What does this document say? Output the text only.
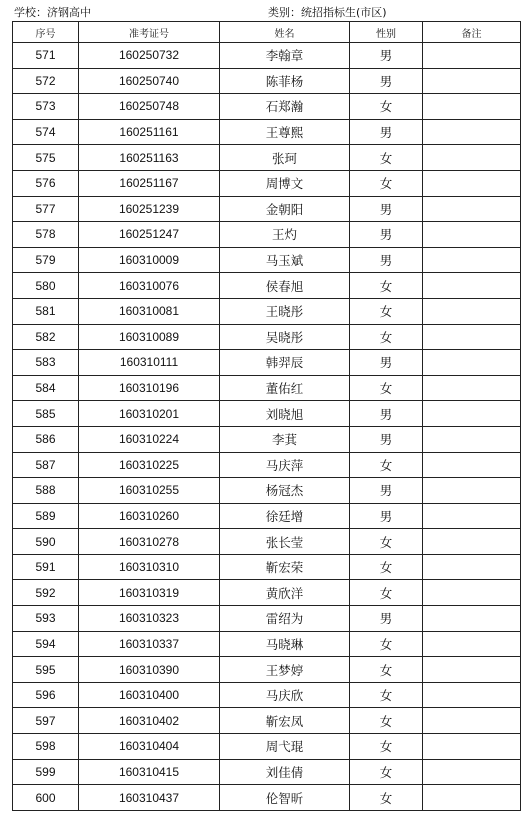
学校：济钢高中	类别：统招指标生(市区)
序号	准考证号	姓名	性别	备注
571	160250732	李翰章	男	
572	160250740	陈菲杨	男	
573	160250748	石郑瀚	女	
574	160251161	王尊熙	男	
575	160251163	张珂	女	
576	160251167	周博文	女	
577	160251239	金朝阳	男	
578	160251247	王灼	男	
579	160310009	马玉斌	男	
580	160310076	侯春旭	女	
581	160310081	王晓彤	女	
582	160310089	吴晓彤	女	
583	160310111	韩羿辰	男	
584	160310196	董佑红	女	
585	160310201	刘晓旭	男	
586	160310224	李萁	男	
587	160310225	马庆萍	女	
588	160310255	杨冠杰	男	
589	160310260	徐廷增	男	
590	160310278	张长莹	女	
591	160310310	靳宏荣	女	
592	160310319	黄欣洋	女	
593	160310323	雷绍为	男	
594	160310337	马晓琳	女	
595	160310390	王梦婷	女	
596	160310400	马庆欣	女	
597	160310402	靳宏凤	女	
598	160310404	周弋琨	女	
599	160310415	刘佳倩	女	
600	160310437	伦智昕	女	
